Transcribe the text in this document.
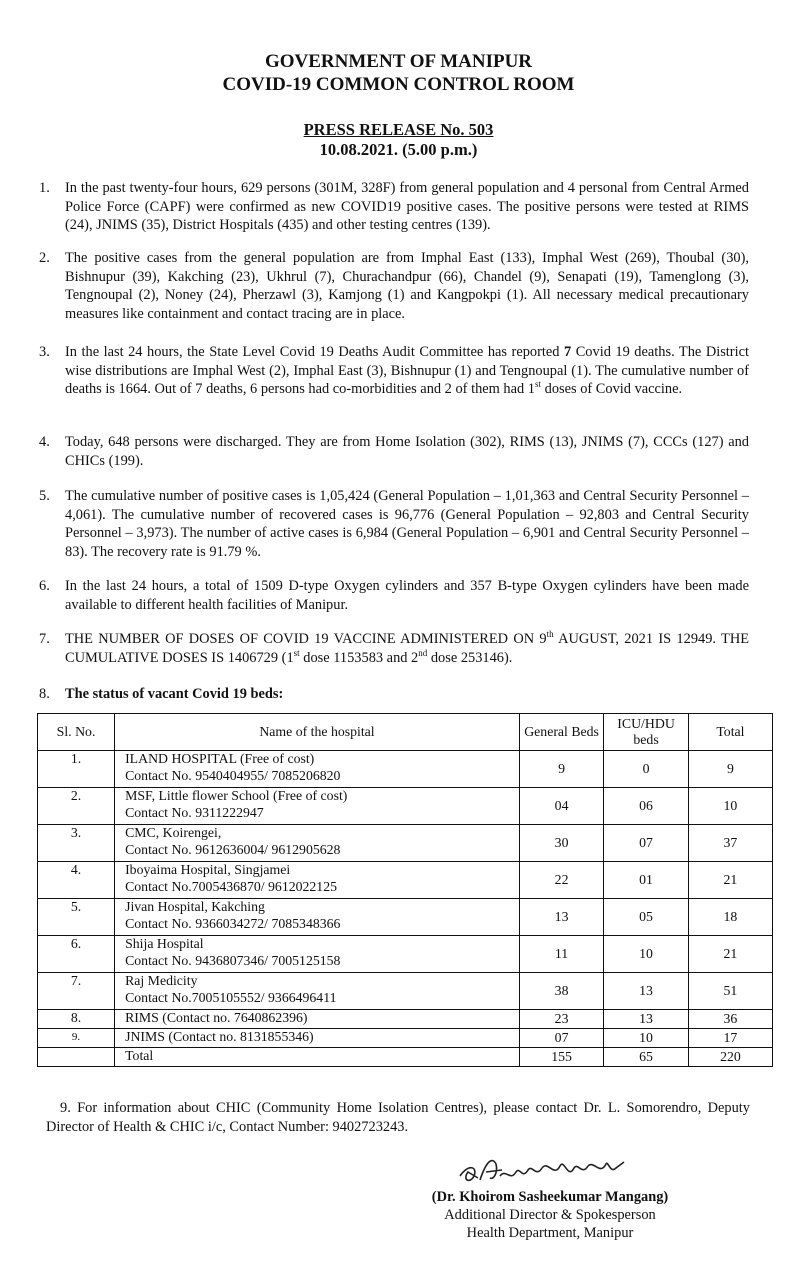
GOVERNMENT OF MANIPUR
COVID-19 COMMON CONTROL ROOM
PRESS RELEASE No. 503
10.08.2021. (5.00 p.m.)
1. In the past twenty-four hours, 629 persons (301M, 328F) from general population and 4 personal from Central Armed Police Force (CAPF) were confirmed as new COVID19 positive cases. The positive persons were tested at RIMS (24), JNIMS (35), District Hospitals (435) and other testing centres (139).
2. The positive cases from the general population are from Imphal East (133), Imphal West (269), Thoubal (30), Bishnupur (39), Kakching (23), Ukhrul (7), Churachandpur (66), Chandel (9), Senapati (19), Tamenglong (3), Tengnoupal (2), Noney (24), Pherzawl (3), Kamjong (1) and Kangpokpi (1). All necessary medical precautionary measures like containment and contact tracing are in place.
3. In the last 24 hours, the State Level Covid 19 Deaths Audit Committee has reported 7 Covid 19 deaths. The District wise distributions are Imphal West (2), Imphal East (3), Bishnupur (1) and Tengnoupal (1). The cumulative number of deaths is 1664. Out of 7 deaths, 6 persons had co-morbidities and 2 of them had 1st doses of Covid vaccine.
4. Today, 648 persons were discharged. They are from Home Isolation (302), RIMS (13), JNIMS (7), CCCs (127) and CHICs (199).
5. The cumulative number of positive cases is 1,05,424 (General Population – 1,01,363 and Central Security Personnel – 4,061). The cumulative number of recovered cases is 96,776 (General Population – 92,803 and Central Security Personnel – 3,973). The number of active cases is 6,984 (General Population – 6,901 and Central Security Personnel – 83). The recovery rate is 91.79 %.
6. In the last 24 hours, a total of 1509 D-type Oxygen cylinders and 357 B-type Oxygen cylinders have been made available to different health facilities of Manipur.
7. THE NUMBER OF DOSES OF COVID 19 VACCINE ADMINISTERED ON 9th AUGUST, 2021 IS 12949. THE CUMULATIVE DOSES IS 1406729 (1st dose 1153583 and 2nd dose 253146).
8. The status of vacant Covid 19 beds:
Sl. No.	Name of the hospital	General Beds	ICU/HDU beds	Total
1.	ILAND HOSPITAL (Free of cost)
Contact No. 9540404955/ 7085206820	9	0	9
2.	MSF, Little flower School (Free of cost)
Contact No. 9311222947	04	06	10
3.	CMC, Koirengei,
Contact No. 9612636004/ 9612905628	30	07	37
4.	Iboyaima Hospital, Singjamei
Contact No.7005436870/ 9612022125	22	01	21
5.	Jivan Hospital, Kakching
Contact No. 9366034272/ 7085348366	13	05	18
6.	Shija Hospital
Contact No. 9436807346/ 7005125158	11	10	21
7.	Raj Medicity
Contact No.7005105552/ 9366496411	38	13	51
8.	RIMS (Contact no. 7640862396)	23	13	36
9.	JNIMS (Contact no. 8131855346)	07	10	17
	Total	155	65	220
9. For information about CHIC (Community Home Isolation Centres), please contact Dr. L. Somorendro, Deputy Director of Health & CHIC i/c, Contact Number: 9402723243.
(Dr. Khoirom Sasheekumar Mangang)
Additional Director & Spokesperson
Health Department, Manipur
